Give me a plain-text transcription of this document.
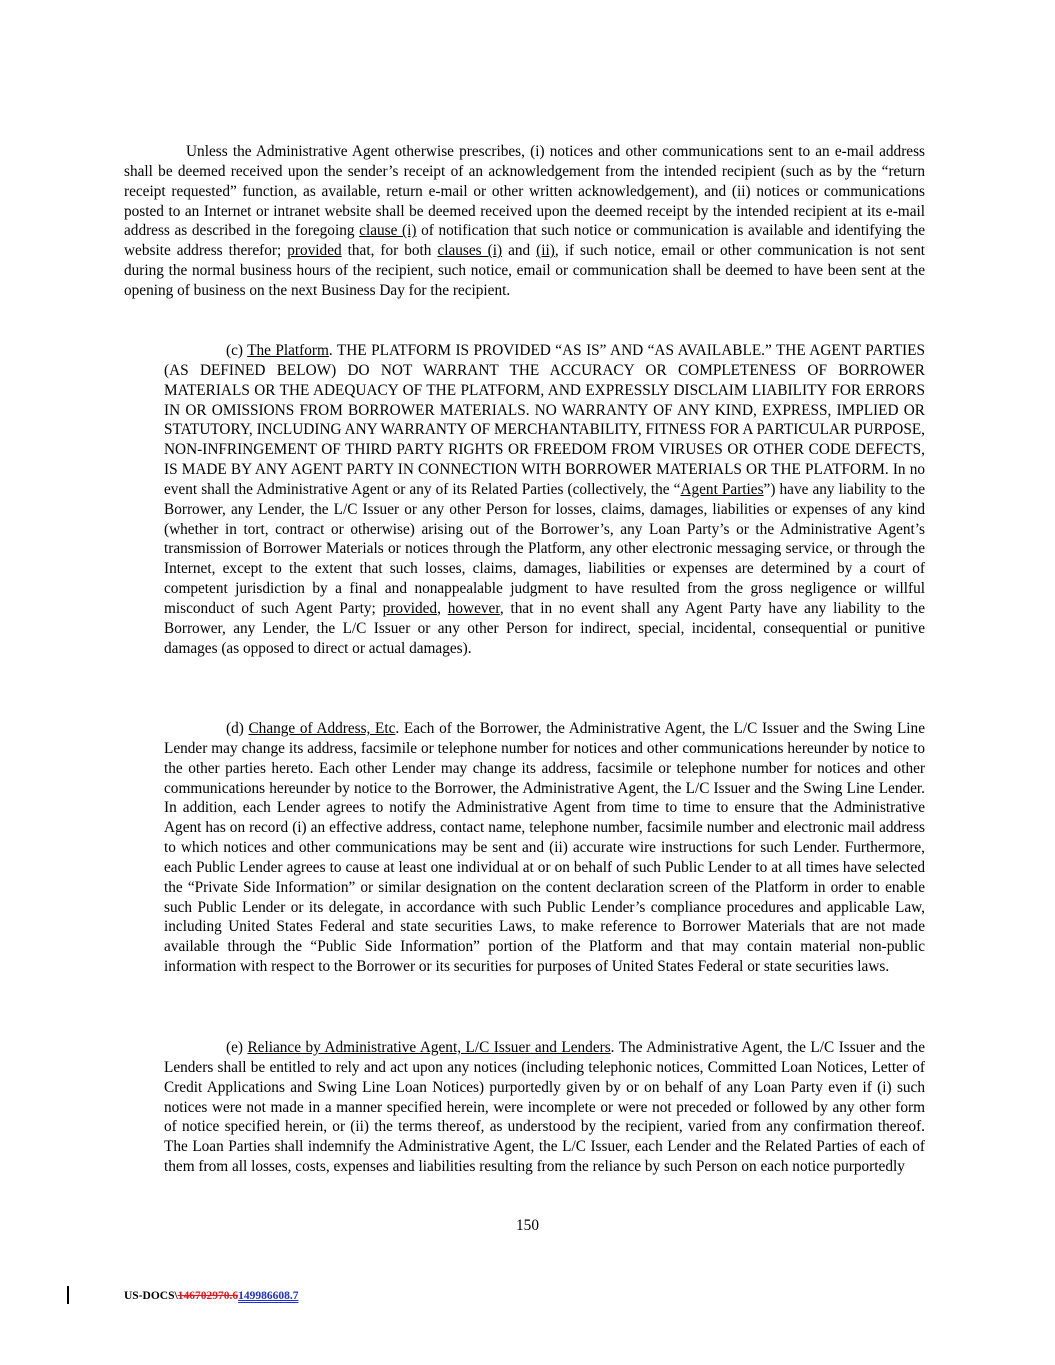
Unless the Administrative Agent otherwise prescribes, (i) notices and other communications sent to an e-mail address shall be deemed received upon the sender’s receipt of an acknowledgement from the intended recipient (such as by the “return receipt requested” function, as available, return e-mail or other written acknowledgement), and (ii) notices or communications posted to an Internet or intranet website shall be deemed received upon the deemed receipt by the intended recipient at its e-mail address as described in the foregoing clause (i) of notification that such notice or communication is available and identifying the website address therefor; provided that, for both clauses (i) and (ii), if such notice, email or other communication is not sent during the normal business hours of the recipient, such notice, email or communication shall be deemed to have been sent at the opening of business on the next Business Day for the recipient.

(c) The Platform. THE PLATFORM IS PROVIDED “AS IS” AND “AS AVAILABLE.” THE AGENT PARTIES (AS DEFINED BELOW) DO NOT WARRANT THE ACCURACY OR COMPLETENESS OF BORROWER MATERIALS OR THE ADEQUACY OF THE PLATFORM, AND EXPRESSLY DISCLAIM LIABILITY FOR ERRORS IN OR OMISSIONS FROM BORROWER MATERIALS. NO WARRANTY OF ANY KIND, EXPRESS, IMPLIED OR STATUTORY, INCLUDING ANY WARRANTY OF MERCHANTABILITY, FITNESS FOR A PARTICULAR PURPOSE, NON-INFRINGEMENT OF THIRD PARTY RIGHTS OR FREEDOM FROM VIRUSES OR OTHER CODE DEFECTS, IS MADE BY ANY AGENT PARTY IN CONNECTION WITH BORROWER MATERIALS OR THE PLATFORM. In no event shall the Administrative Agent or any of its Related Parties (collectively, the “Agent Parties”) have any liability to the Borrower, any Lender, the L/C Issuer or any other Person for losses, claims, damages, liabilities or expenses of any kind (whether in tort, contract or otherwise) arising out of the Borrower’s, any Loan Party’s or the Administrative Agent’s transmission of Borrower Materials or notices through the Platform, any other electronic messaging service, or through the Internet, except to the extent that such losses, claims, damages, liabilities or expenses are determined by a court of competent jurisdiction by a final and nonappealable judgment to have resulted from the gross negligence or willful misconduct of such Agent Party; provided, however, that in no event shall any Agent Party have any liability to the Borrower, any Lender, the L/C Issuer or any other Person for indirect, special, incidental, consequential or punitive damages (as opposed to direct or actual damages).

(d) Change of Address, Etc. Each of the Borrower, the Administrative Agent, the L/C Issuer and the Swing Line Lender may change its address, facsimile or telephone number for notices and other communications hereunder by notice to the other parties hereto. Each other Lender may change its address, facsimile or telephone number for notices and other communications hereunder by notice to the Borrower, the Administrative Agent, the L/C Issuer and the Swing Line Lender. In addition, each Lender agrees to notify the Administrative Agent from time to time to ensure that the Administrative Agent has on record (i) an effective address, contact name, telephone number, facsimile number and electronic mail address to which notices and other communications may be sent and (ii) accurate wire instructions for such Lender. Furthermore, each Public Lender agrees to cause at least one individual at or on behalf of such Public Lender to at all times have selected the “Private Side Information” or similar designation on the content declaration screen of the Platform in order to enable such Public Lender or its delegate, in accordance with such Public Lender’s compliance procedures and applicable Law, including United States Federal and state securities Laws, to make reference to Borrower Materials that are not made available through the “Public Side Information” portion of the Platform and that may contain material non-public information with respect to the Borrower or its securities for purposes of United States Federal or state securities laws.

(e) Reliance by Administrative Agent, L/C Issuer and Lenders. The Administrative Agent, the L/C Issuer and the Lenders shall be entitled to rely and act upon any notices (including telephonic notices, Committed Loan Notices, Letter of Credit Applications and Swing Line Loan Notices) purportedly given by or on behalf of any Loan Party even if (i) such notices were not made in a manner specified herein, were incomplete or were not preceded or followed by any other form of notice specified herein, or (ii) the terms thereof, as understood by the recipient, varied from any confirmation thereof. The Loan Parties shall indemnify the Administrative Agent, the L/C Issuer, each Lender and the Related Parties of each of them from all losses, costs, expenses and liabilities resulting from the reliance by such Person on each notice purportedly

150
US-DOCS\146702970.6149986608.7
